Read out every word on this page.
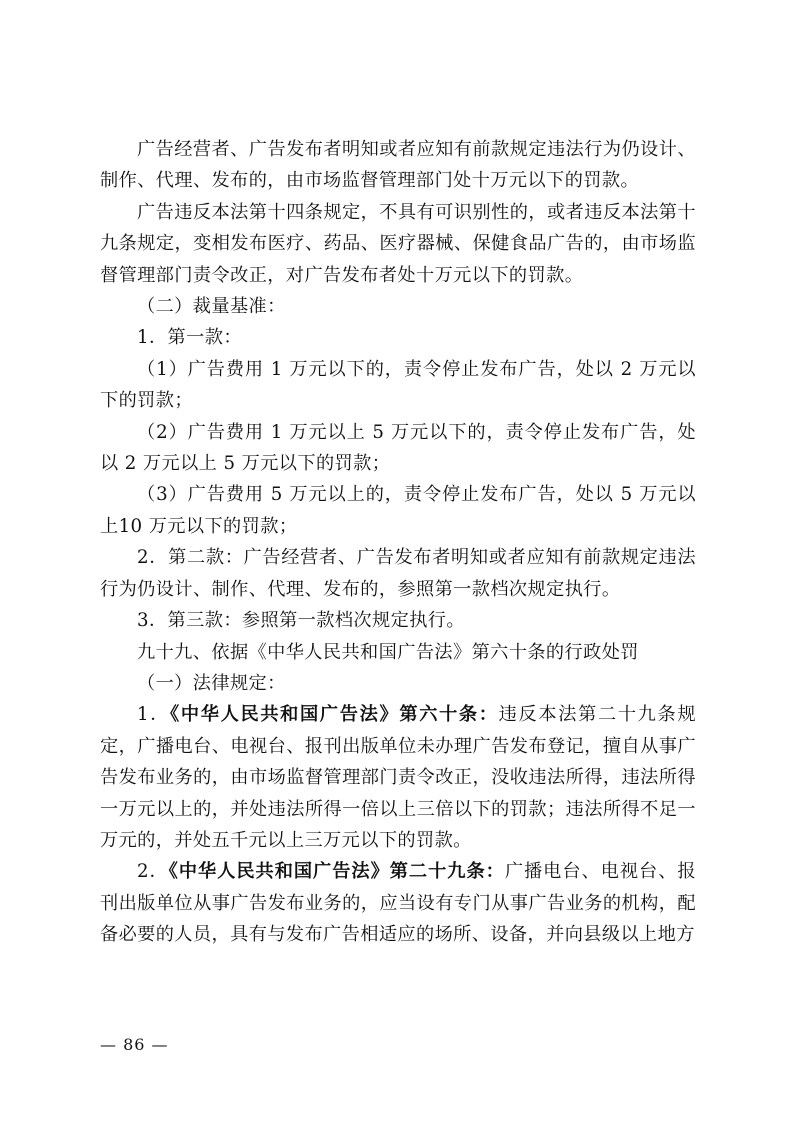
广告经营者、广告发布者明知或者应知有前款规定违法行为仍设计、制作、代理、发布的，由市场监督管理部门处十万元以下的罚款。

广告违反本法第十四条规定，不具有可识别性的，或者违反本法第十九条规定，变相发布医疗、药品、医疗器械、保健食品广告的，由市场监督管理部门责令改正，对广告发布者处十万元以下的罚款。

（二）裁量基准：

1．第一款：

（1）广告费用 1 万元以下的，责令停止发布广告，处以 2 万元以下的罚款；

（2）广告费用 1 万元以上 5 万元以下的，责令停止发布广告，处以 2 万元以上 5 万元以下的罚款；

（3）广告费用 5 万元以上的，责令停止发布广告，处以 5 万元以上10 万元以下的罚款；

2．第二款：广告经营者、广告发布者明知或者应知有前款规定违法行为仍设计、制作、代理、发布的，参照第一款档次规定执行。

3．第三款：参照第一款档次规定执行。

九十九、依据《中华人民共和国广告法》第六十条的行政处罚

（一）法律规定：

1．《中华人民共和国广告法》第六十条：违反本法第二十九条规定，广播电台、电视台、报刊出版单位未办理广告发布登记，擅自从事广告发布业务的，由市场监督管理部门责令改正，没收违法所得，违法所得一万元以上的，并处违法所得一倍以上三倍以下的罚款；违法所得不足一万元的，并处五千元以上三万元以下的罚款。

2．《中华人民共和国广告法》第二十九条：广播电台、电视台、报刊出版单位从事广告发布业务的，应当设有专门从事广告业务的机构，配备必要的人员，具有与发布广告相适应的场所、设备，并向县级以上地方

— 86 —
